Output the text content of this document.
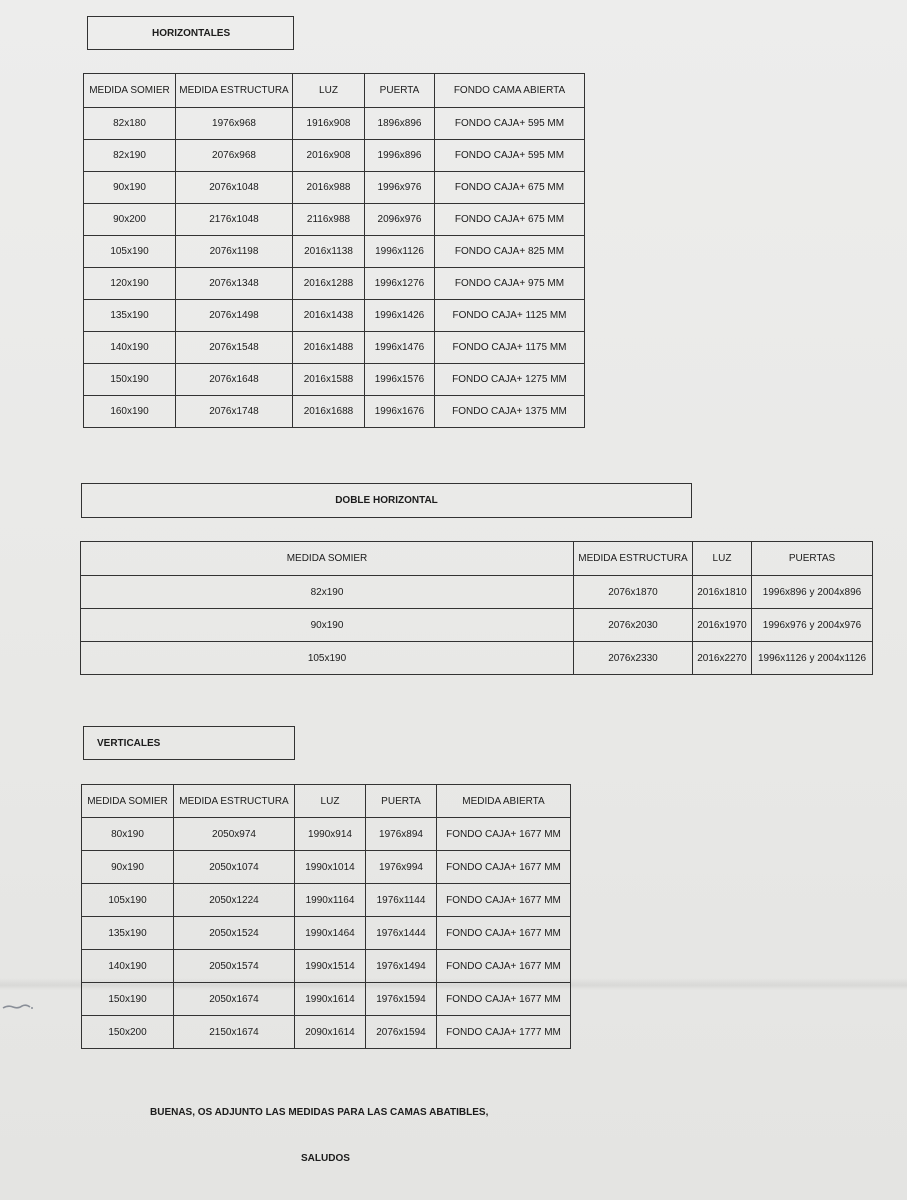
HORIZONTALES
MEDIDA SOMIER	MEDIDA ESTRUCTURA	LUZ	PUERTA	FONDO CAMA ABIERTA
82x180	1976x968	1916x908	1896x896	FONDO CAJA+ 595 MM
82x190	2076x968	2016x908	1996x896	FONDO CAJA+ 595 MM
90x190	2076x1048	2016x988	1996x976	FONDO CAJA+ 675 MM
90x200	2176x1048	2116x988	2096x976	FONDO CAJA+ 675 MM
105x190	2076x1198	2016x1138	1996x1126	FONDO CAJA+ 825 MM
120x190	2076x1348	2016x1288	1996x1276	FONDO CAJA+ 975 MM
135x190	2076x1498	2016x1438	1996x1426	FONDO CAJA+ 1125 MM
140x190	2076x1548	2016x1488	1996x1476	FONDO CAJA+ 1175 MM
150x190	2076x1648	2016x1588	1996x1576	FONDO CAJA+ 1275 MM
160x190	2076x1748	2016x1688	1996x1676	FONDO CAJA+ 1375 MM
DOBLE HORIZONTAL
MEDIDA SOMIER	MEDIDA ESTRUCTURA	LUZ	PUERTAS
82x190	2076x1870	2016x1810	1996x896 y 2004x896
90x190	2076x2030	2016x1970	1996x976 y 2004x976
105x190	2076x2330	2016x2270	1996x1126 y 2004x1126
VERTICALES
MEDIDA SOMIER	MEDIDA ESTRUCTURA	LUZ	PUERTA	MEDIDA ABIERTA
80x190	2050x974	1990x914	1976x894	FONDO CAJA+ 1677 MM
90x190	2050x1074	1990x1014	1976x994	FONDO CAJA+ 1677 MM
105x190	2050x1224	1990x1164	1976x1144	FONDO CAJA+ 1677 MM
135x190	2050x1524	1990x1464	1976x1444	FONDO CAJA+ 1677 MM
140x190	2050x1574	1990x1514	1976x1494	FONDO CAJA+ 1677 MM
150x190	2050x1674	1990x1614	1976x1594	FONDO CAJA+ 1677 MM
150x200	2150x1674	2090x1614	2076x1594	FONDO CAJA+ 1777 MM
BUENAS, OS ADJUNTO LAS MEDIDAS PARA LAS CAMAS ABATIBLES,
SALUDOS
